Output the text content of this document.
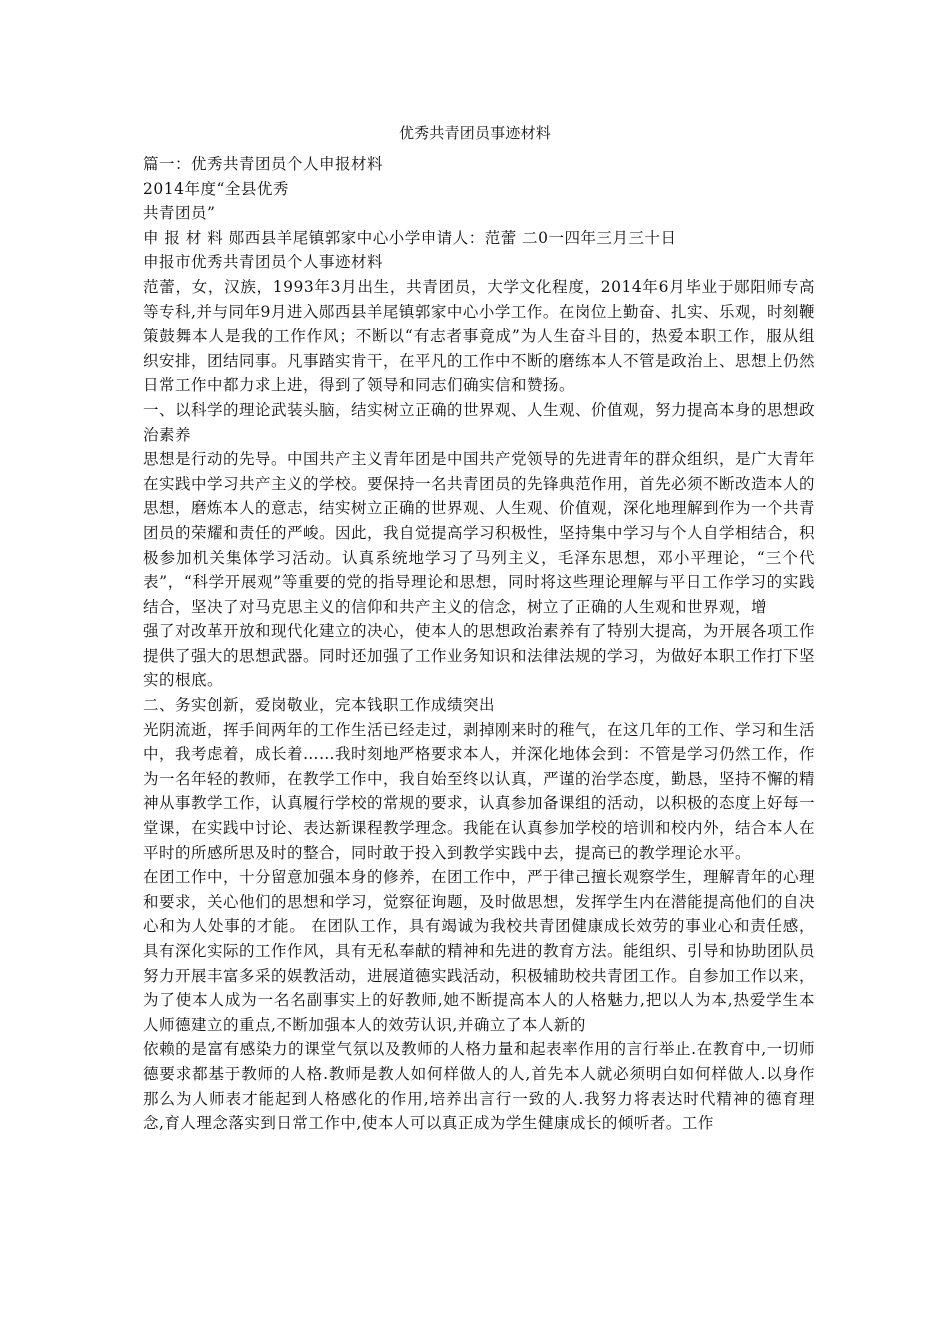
优秀共青团员事迹材料
篇一：优秀共青团员个人申报材料
2014年度“全县优秀
共青团员”
申 报 材 料 郧西县羊尾镇郭家中心小学申请人：范蕾 二0一四年三月三十日
申报市优秀共青团员个人事迹材料

范蕾，女，汉族，1993年3月出生，共青团员，大学文化程度，2014年6月毕业于郧阳师专高等专科,并与同年9月进入郧西县羊尾镇郭家中心小学工作。在岗位上勤奋、扎实、乐观，时刻鞭策鼓舞本人是我的工作作风；不断以“有志者事竟成”为人生奋斗目的，热爱本职工作，服从组织安排，团结同事。凡事踏实肯干，在平凡的工作中不断的磨练本人不管是政治上、思想上仍然日常工作中都力求上进，得到了领导和同志们确实信和赞扬。

一、以科学的理论武装头脑，结实树立正确的世界观、人生观、价值观，努力提高本身的思想政治素养

思想是行动的先导。中国共产主义青年团是中国共产党领导的先进青年的群众组织，是广大青年在实践中学习共产主义的学校。要保持一名共青团员的先锋典范作用，首先必须不断改造本人的思想，磨炼本人的意志，结实树立正确的世界观、人生观、价值观，深化地理解到作为一个共青团员的荣耀和责任的严峻。因此，我自觉提高学习积极性，坚持集中学习与个人自学相结合，积极参加机关集体学习活动。认真系统地学习了马列主义，毛泽东思想，邓小平理论，“三个代表”，“科学开展观”等重要的党的指导理论和思想，同时将这些理论理解与平日工作学习的实践结合，坚决了对马克思主义的信仰和共产主义的信念，树立了正确的人生观和世界观，增

强了对改革开放和现代化建立的决心，使本人的思想政治素养有了特别大提高，为开展各项工作提供了强大的思想武器。同时还加强了工作业务知识和法律法规的学习，为做好本职工作打下坚实的根底。

二、务实创新，爱岗敬业，完本钱职工作成绩突出

光阴流逝，挥手间两年的工作生活已经走过，剥掉刚来时的稚气，在这几年的工作、学习和生活中，我考虑着，成长着……我时刻地严格要求本人，并深化地体会到：不管是学习仍然工作，作为一名年轻的教师，在教学工作中，我自始至终以认真，严谨的治学态度，勤恳，坚持不懈的精神从事教学工作，认真履行学校的常规的要求，认真参加备课组的活动，以积极的态度上好每一堂课，在实践中讨论、表达新课程教学理念。我能在认真参加学校的培训和校内外，结合本人在平时的所感所思及时的整合，同时敢于投入到教学实践中去，提高已的教学理论水平。

在团工作中，十分留意加强本身的修养，在团工作中，严于律己擅长观察学生，理解青年的心理和要求，关心他们的思想和学习，觉察征询题，及时做思想，发挥学生内在潜能提高他们的自决心和为人处事的才能。 在团队工作，具有竭诚为我校共青团健康成长效劳的事业心和责任感，具有深化实际的工作作风，具有无私奉献的精神和先进的教育方法。能组织、引导和协助团队员努力开展丰富多采的娱教活动，进展道德实践活动，积极辅助校共青团工作。自参加工作以来，为了使本人成为一名名副事实上的好教师,她不断提高本人的人格魅力,把以人为本,热爱学生本人师德建立的重点,不断加强本人的效劳认识,并确立了本人新的

依赖的是富有感染力的课堂气氛以及教师的人格力量和起表率作用的言行举止.在教育中,一切师德要求都基于教师的人格.教师是教人如何样做人的人,首先本人就必须明白如何样做人.以身作那么为人师表才能起到人格感化的作用,培养出言行一致的人.我努力将表达时代精神的德育理念,育人理念落实到日常工作中,使本人可以真正成为学生健康成长的倾听者。工作
